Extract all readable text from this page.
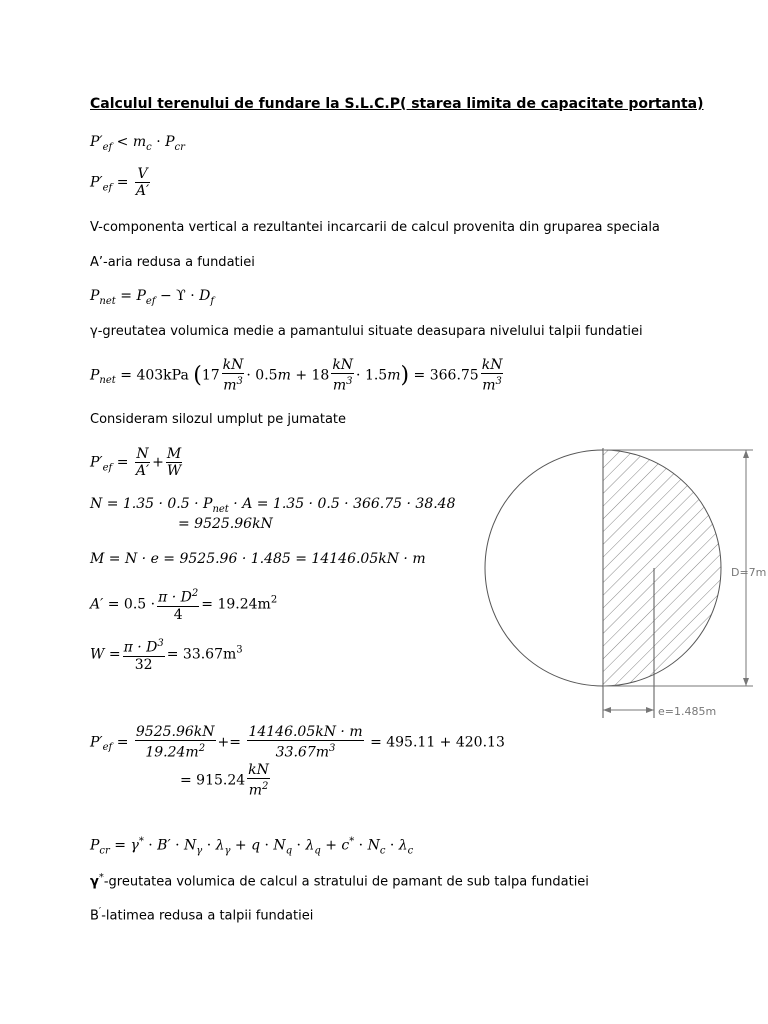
Calculul terenului de fundare la S.L.C.P( starea limita de capacitate portanta)
$P'_{ef} < m_c \cdot P_{cr}$
$P'_{ef} = \frac{V}{A'}$
V-componenta vertical a rezultantei incarcarii de calcul provenita din gruparea speciala
A’-aria redusa a fundatiei
$P_{net} = P_{ef} - ϒ \cdot D_f$
γ-greutatea volumica medie a pamantului situate deasupara nivelului talpii fundatiei
$P_{net} = 403kPa$ $(17 \frac{kN}{m^3} \cdot 0.5m + 18 \frac{kN}{m^3} \cdot 1.5m) = 366.75 \frac{kN}{m^3}$
Consideram silozul umplut pe jumatate
$P'_{ef} = \frac{N}{A'} + \frac{M}{W}$
$N = 1.35 \cdot 0.5 \cdot P_{net} \cdot A = 1.35 \cdot 0.5 \cdot 366.75 \cdot 38.48$
= 9525.96kN
M = N · e = 9525.96 · 1.485 = 14146.05kN · m
$A' = 0.5 \cdot \frac{\pi \cdot D^2}{4} = 19.24m^2$
$W = \frac{\pi \cdot D^3}{32} = 33.67m^3$
$P'_{ef} = \frac{9525.96kN}{19.24m^2} += \frac{14146.05kN \cdot m}{33.67m^3} = 495.11 + 420.13$
= $915.24 \frac{kN}{m^2}$
$P_{cr} = \gamma^* \cdot B' \cdot N_\gamma \cdot \lambda_\gamma + q \cdot N_q \cdot \lambda_q + c^* \cdot N_c \cdot \lambda_c$
γ*-greutatea volumica de calcul a stratului de pamant de sub talpa fundatiei
B′-latimea redusa a talpii fundatiei
D=7m
e=1.485m
